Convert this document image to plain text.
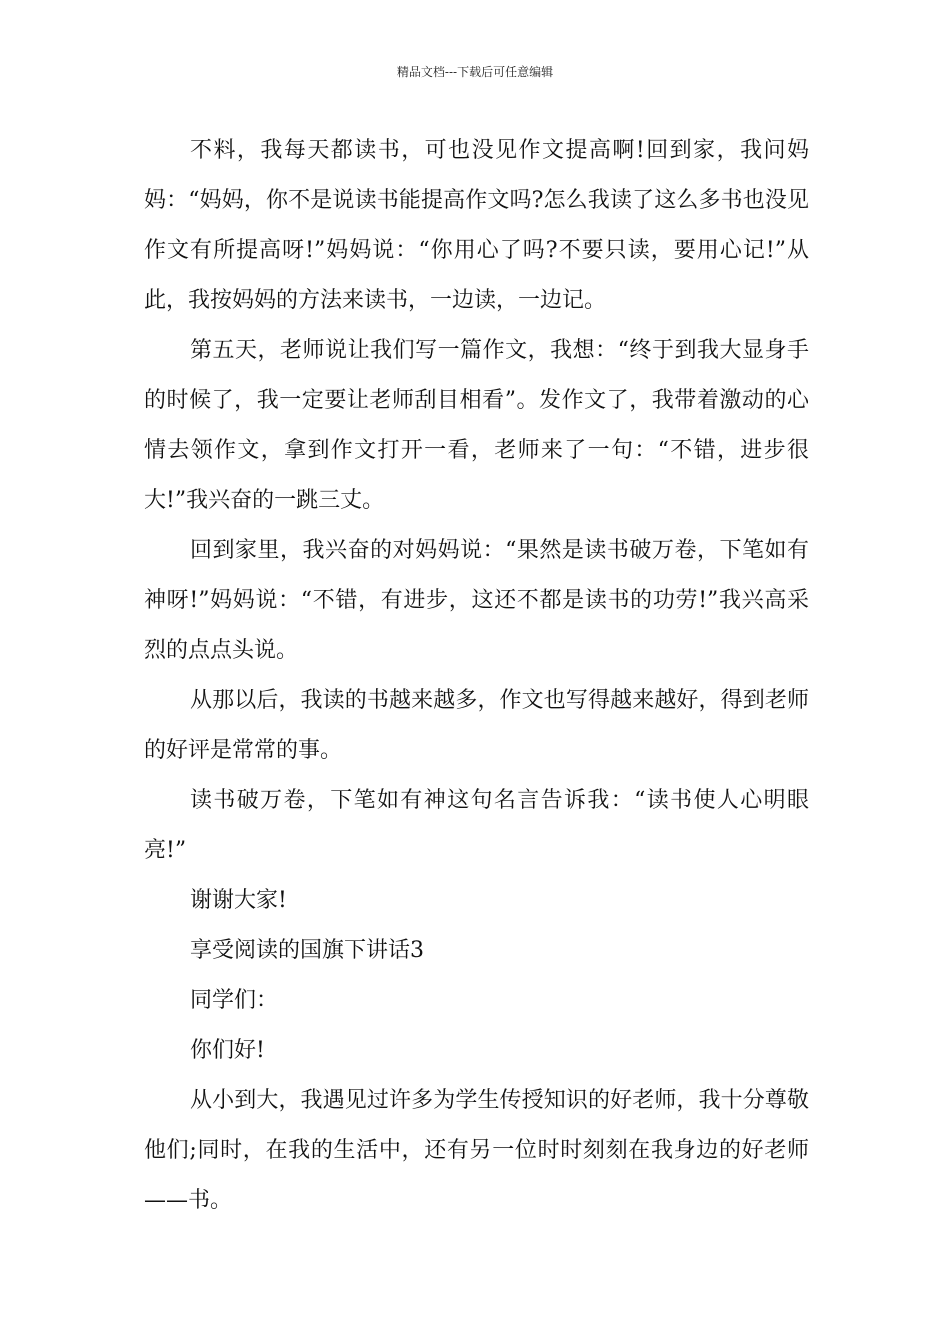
精品文档---下载后可任意编辑

不料，我每天都读书，可也没见作文提高啊!回到家，我问妈妈：“妈妈，你不是说读书能提高作文吗?怎么我读了这么多书也没见作文有所提高呀!”妈妈说：“你用心了吗?不要只读，要用心记!”从此，我按妈妈的方法来读书，一边读，一边记。

第五天，老师说让我们写一篇作文，我想：“终于到我大显身手的时候了，我一定要让老师刮目相看”。发作文了，我带着激动的心情去领作文，拿到作文打开一看，老师来了一句：“不错，进步很大!”我兴奋的一跳三丈。

回到家里，我兴奋的对妈妈说：“果然是读书破万卷，下笔如有神呀!”妈妈说：“不错，有进步，这还不都是读书的功劳!”我兴高采烈的点点头说。

从那以后，我读的书越来越多，作文也写得越来越好，得到老师的好评是常常的事。

读书破万卷，下笔如有神这句名言告诉我：“读书使人心明眼亮!”

谢谢大家!

享受阅读的国旗下讲话3

同学们：

你们好!

从小到大，我遇见过许多为学生传授知识的好老师，我十分尊敬他们;同时，在我的生活中，还有另一位时时刻刻在我身边的好老师——书。
